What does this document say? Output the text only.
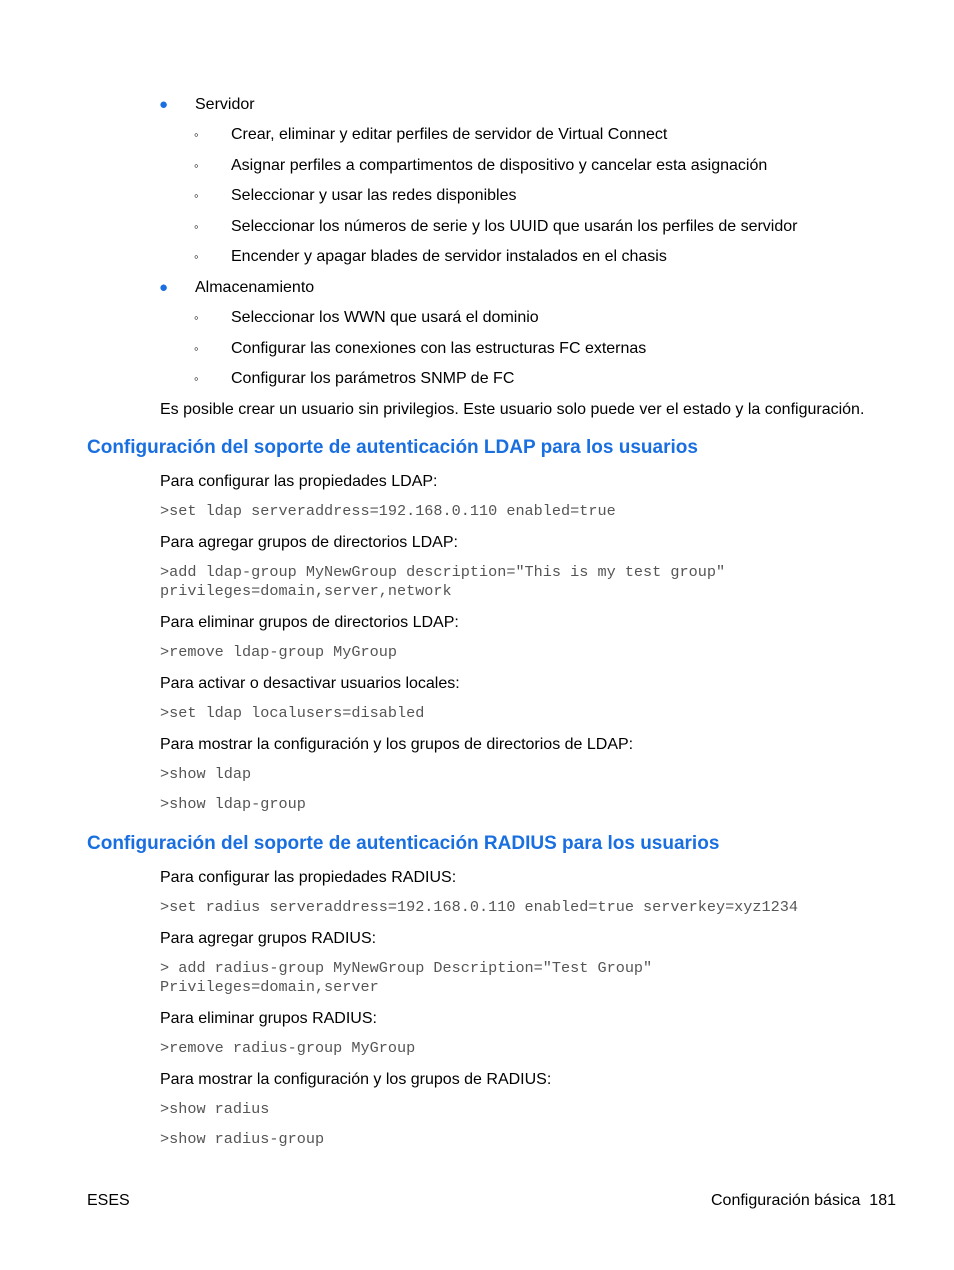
● Servidor
◦ Crear, eliminar y editar perfiles de servidor de Virtual Connect
◦ Asignar perfiles a compartimentos de dispositivo y cancelar esta asignación
◦ Seleccionar y usar las redes disponibles
◦ Seleccionar los números de serie y los UUID que usarán los perfiles de servidor
◦ Encender y apagar blades de servidor instalados en el chasis
● Almacenamiento
◦ Seleccionar los WWN que usará el dominio
◦ Configurar las conexiones con las estructuras FC externas
◦ Configurar los parámetros SNMP de FC
Es posible crear un usuario sin privilegios. Este usuario solo puede ver el estado y la configuración.
Configuración del soporte de autenticación LDAP para los usuarios
Para configurar las propiedades LDAP:
>set ldap serveraddress=192.168.0.110 enabled=true
Para agregar grupos de directorios LDAP:
>add ldap-group MyNewGroup description="This is my test group"
privileges=domain,server,network
Para eliminar grupos de directorios LDAP:
>remove ldap-group MyGroup
Para activar o desactivar usuarios locales:
>set ldap localusers=disabled
Para mostrar la configuración y los grupos de directorios de LDAP:
>show ldap
>show ldap-group
Configuración del soporte de autenticación RADIUS para los usuarios
Para configurar las propiedades RADIUS:
>set radius serveraddress=192.168.0.110 enabled=true serverkey=xyz1234
Para agregar grupos RADIUS:
> add radius-group MyNewGroup Description="Test Group"
Privileges=domain,server
Para eliminar grupos RADIUS:
>remove radius-group MyGroup
Para mostrar la configuración y los grupos de RADIUS:
>show radius
>show radius-group
ESES	Configuración básica 181
